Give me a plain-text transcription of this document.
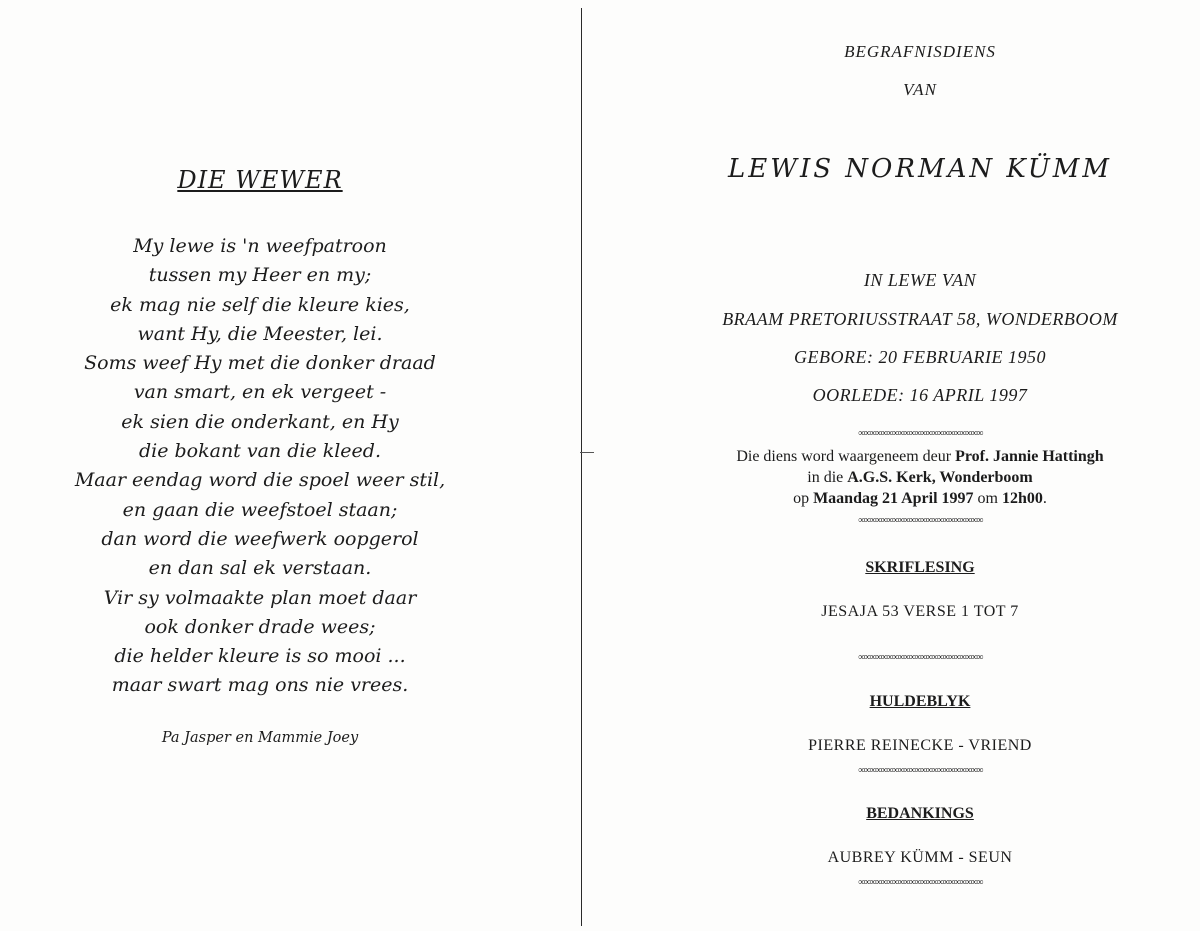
DIE WEWER
My lewe is 'n weefpatroon
tussen my Heer en my;
ek mag nie self die kleure kies,
want Hy, die Meester, lei.
Soms weef Hy met die donker draad
van smart, en ek vergeet -
ek sien die onderkant, en Hy
die bokant van die kleed.
Maar eendag word die spoel weer stil,
en gaan die weefstoel staan;
dan word die weefwerk oopgerol
en dan sal ek verstaan.
Vir sy volmaakte plan moet daar
ook donker drade wees;
die helder kleure is so mooi ...
maar swart mag ons nie vrees.
Pa Jasper en Mammie Joey
BEGRAFNISDIENS
VAN
LEWIS NORMAN KÜMM
IN LEWE VAN
BRAAM PRETORIUSSTRAAT 58, WONDERBOOM
GEBORE: 20 FEBRUARIE 1950
OORLEDE: 16 APRIL 1997
∞∞∞∞∞∞∞∞∞∞∞∞∞∞∞∞∞∞∞∞∞∞
Die diens word waargeneem deur Prof. Jannie Hattingh
in die A.G.S. Kerk, Wonderboom
op Maandag 21 April 1997 om 12h00.
∞∞∞∞∞∞∞∞∞∞∞∞∞∞∞∞∞∞∞∞∞∞
SKRIFLESING
JESAJA 53 VERSE 1 TOT 7
∞∞∞∞∞∞∞∞∞∞∞∞∞∞∞∞∞∞∞∞∞∞
HULDEBLYK
PIERRE REINECKE - VRIEND
∞∞∞∞∞∞∞∞∞∞∞∞∞∞∞∞∞∞∞∞∞∞
BEDANKINGS
AUBREY KÜMM - SEUN
∞∞∞∞∞∞∞∞∞∞∞∞∞∞∞∞∞∞∞∞∞∞
